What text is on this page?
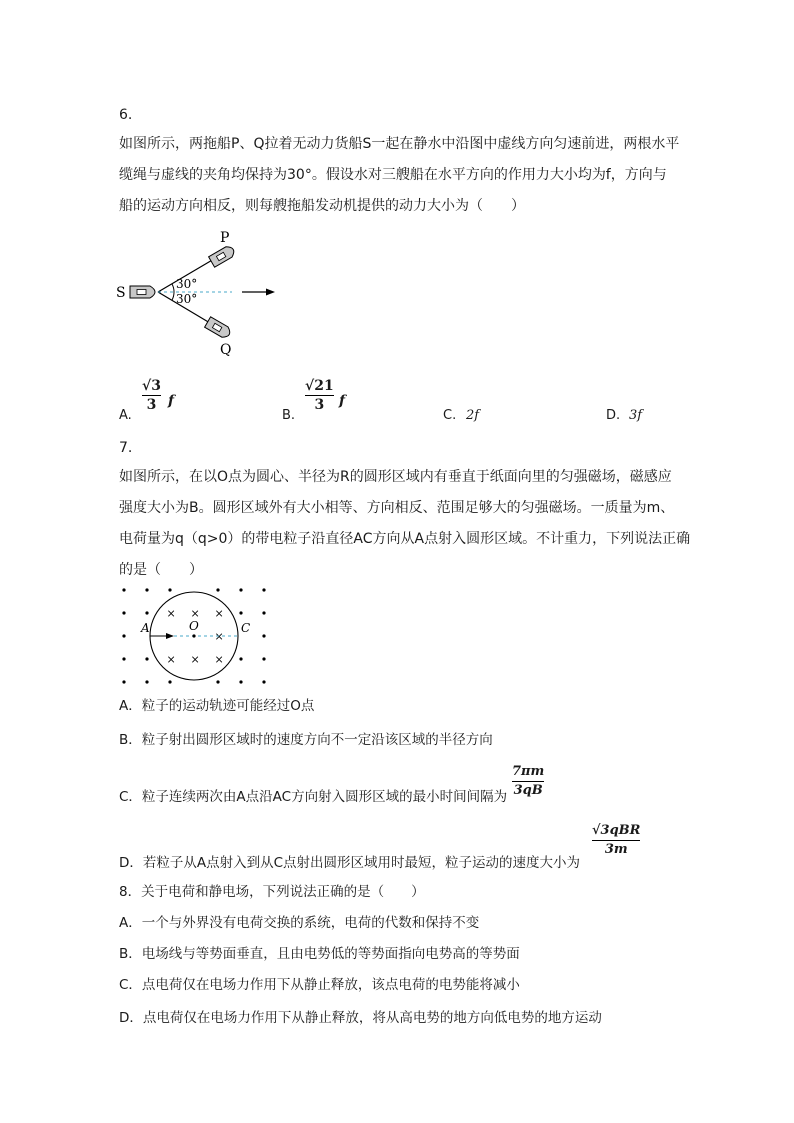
6.
如图所示，两拖船P、Q拉着无动力货船S一起在静水中沿图中虚线方向匀速前进，两根水平
缆绳与虚线的夹角均保持为30°。假设水对三艘船在水平方向的作用力大小均为f，方向与
船的运动方向相反，则每艘拖船发动机提供的动力大小为（　　）
P
Q
S
30°
30°
A.
√3
3 f
B.
√21
3	f
C. 2f	D. 3f
7.
如图所示，在以O点为圆心、半径为R的圆形区域内有垂直于纸面向里的匀强磁场，磁感应
强度大小为B。圆形区域外有大小相等、方向相反、范围足够大的匀强磁场。一质量为m、
电荷量为q（q>0）的带电粒子沿直径AC方向从A点射入圆形区域。不计重力，下列说法正确
的是（　　）
× × ×
×
× × ×
A	O	C
A．粒子的运动轨迹可能经过O点
B．粒子射出圆形区域时的速度方向不一定沿该区域的半径方向
C．粒子连续两次由A点沿AC方向射入圆形区域的最小时间间隔为
7πm
3qB
D．若粒子从A点射入到从C点射出圆形区域用时最短，粒子运动的速度大小为
√3qBR
3m
8．关于电荷和静电场，下列说法正确的是（　　）
A．一个与外界没有电荷交换的系统，电荷的代数和保持不变
B．电场线与等势面垂直，且由电势低的等势面指向电势高的等势面
C．点电荷仅在电场力作用下从静止释放，该点电荷的电势能将减小
D．点电荷仅在电场力作用下从静止释放，将从高电势的地方向低电势的地方运动
